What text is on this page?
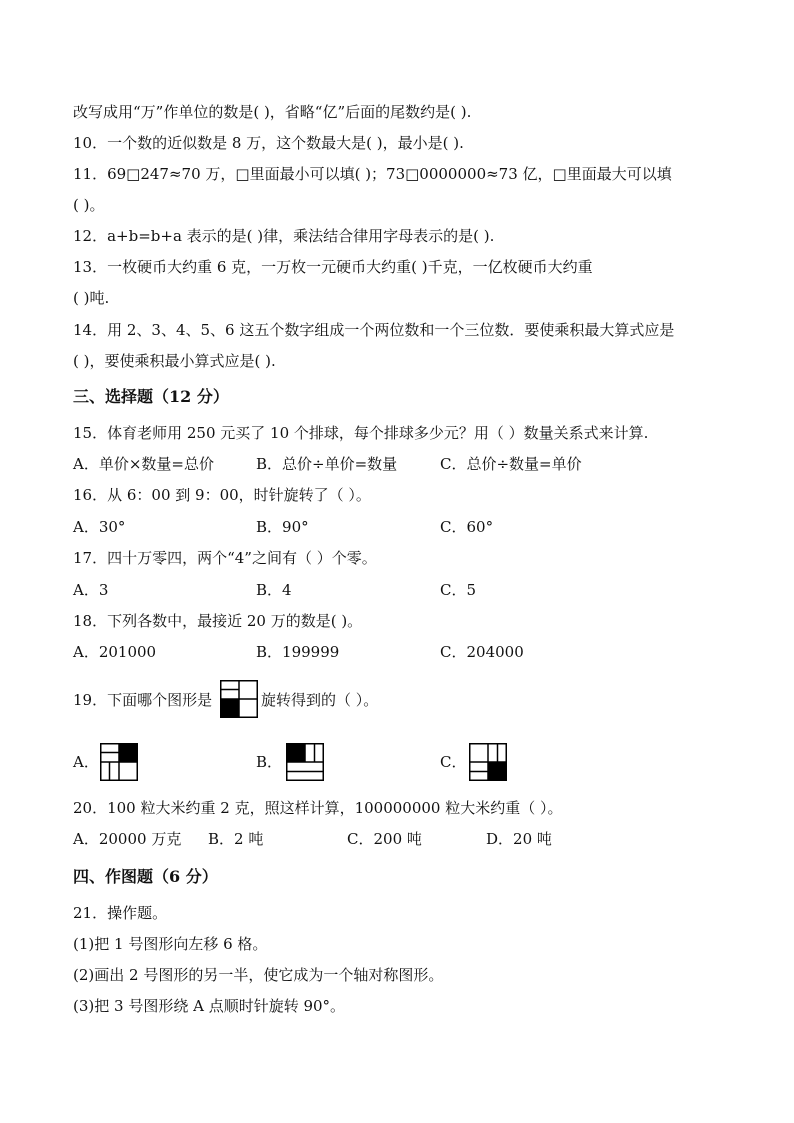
改写成用“万”作单位的数是( )，省略“亿”后面的尾数约是( ).
10．一个数的近似数是 8 万，这个数最大是( )，最小是( ).
11．69□247≈70 万，□里面最小可以填( )；73□0000000≈73 亿，□里面最大可以填
( )。
12．a+b=b+a 表示的是( )律，乘法结合律用字母表示的是( ).
13．一枚硬币大约重 6 克，一万枚一元硬币大约重( )千克，一亿枚硬币大约重
( )吨.
14．用 2、3、4、5、6 这五个数字组成一个两位数和一个三位数．要使乘积最大算式应是
( )，要使乘积最小算式应是( ).
三、选择题（12 分）
15．体育老师用 250 元买了 10 个排球，每个排球多少元？用（ ）数量关系式来计算.
A．单价×数量=总价	B．总价÷单价=数量	C．总价÷数量=单价
16．从 6：00 到 9：00，时针旋转了（ ）。
A．30°	B．90°	C．60°
17．四十万零四，两个“4”之间有（ ）个零。
A．3	B．4	C．5
18．下列各数中，最接近 20 万的数是( )。
A．201000	B．199999	C．204000
19．下面哪个图形是	旋转得到的（ ）。
A．	B．	C．
20．100 粒大米约重 2 克，照这样计算，100000000 粒大米约重（ ）。
A．20000 万克 B．2 吨	C．200 吨	D．20 吨
四、作图题（6 分）
21．操作题。
(1)把 1 号图形向左移 6 格。
(2)画出 2 号图形的另一半，使它成为一个轴对称图形。
(3)把 3 号图形绕 A 点顺时针旋转 90°。
